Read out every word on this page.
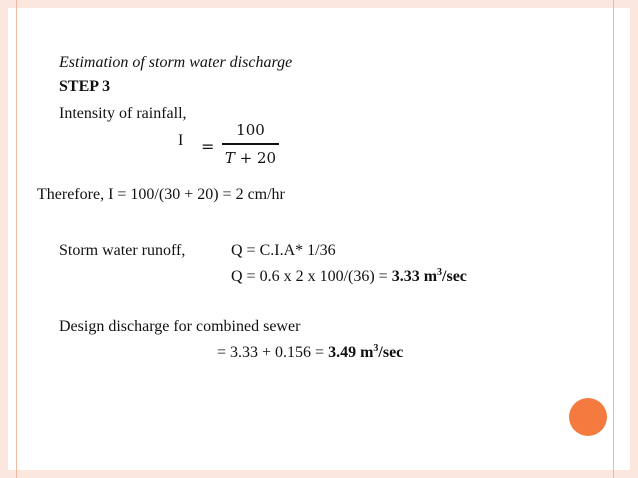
Estimation of storm water discharge
STEP 3
Intensity of rainfall,
I =
100
T + 20
Therefore, I = 100/(30 + 20) = 2 cm/hr
Storm water runoff,	Q = C.I.A* 1/36
Q = 0.6 x 2 x 100/(36) = 3.33 $m^3/\sec$
Design discharge for combined sewer
= 3.33 + 0.156 = 3.49 $m^3/\sec$
